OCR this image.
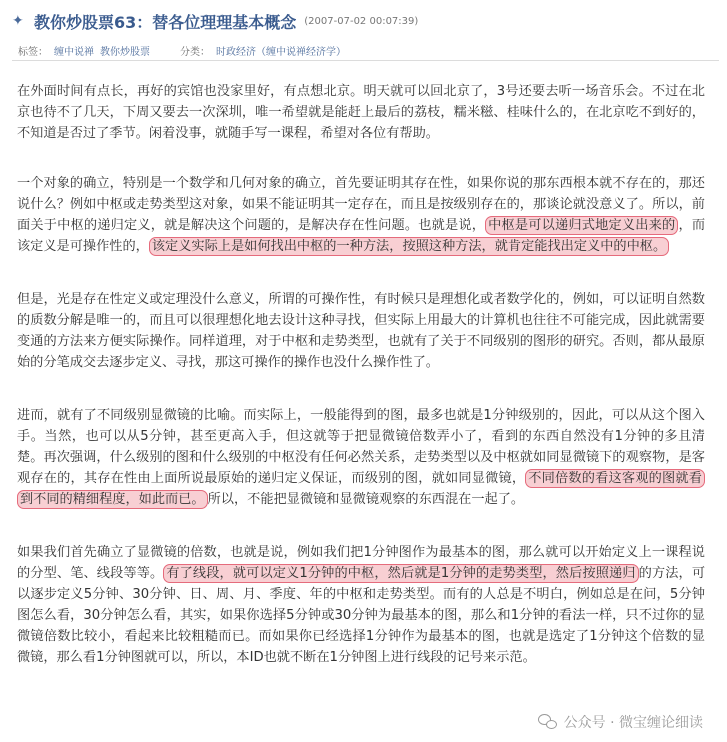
✦ 教你炒股票63：替各位理理基本概念 (2007-07-02 00:07:39)
标签： 缠中说禅 教你炒股票	分类： 时政经济（缠中说禅经济学）

在外面时间有点长，再好的宾馆也没家里好，有点想北京。明天就可以回北京了，3号还要去听一场音乐会。不过在北京也待不了几天，下周又要去一次深圳，唯一希望就是能赶上最后的荔枝，糯米糍、桂味什么的，在北京吃不到好的，不知道是否过了季节。闲着没事，就随手写一课程，希望对各位有帮助。

一个对象的确立，特别是一个数学和几何对象的确立，首先要证明其存在性，如果你说的那东西根本就不存在的，那还说什么？例如中枢或走势类型这对象，如果不能证明其一定存在，而且是按级别存在的，那谈论就没意义了。所以，前面关于中枢的递归定义，就是解决这个问题的，是解决存在性问题。也就是说， 中枢是可以递归式地定义出来的 ，而该定义是可操作性的， 该定义实际上是如何找出中枢的一种方法，按照这种方法，就肯定能找出定义中的中枢。

但是，光是存在性定义或定理没什么意义，所谓的可操作性，有时候只是理想化或者数学化的，例如，可以证明自然数的质数分解是唯一的，而且可以很理想化地去设计这种寻找，但实际上用最大的计算机也往往不可能完成，因此就需要变通的方法来方便实际操作。同样道理，对于中枢和走势类型，也就有了关于不同级别的图形的研究。否则，都从最原始的分笔成交去逐步定义、寻找，那这可操作的操作也没什么操作性了。

进而，就有了不同级别显微镜的比喻。而实际上，一般能得到的图，最多也就是1分钟级别的，因此，可以从这个图入手。当然，也可以从5分钟，甚至更高入手，但这就等于把显微镜倍数弄小了，看到的东西自然没有1分钟的多且清楚。再次强调，什么级别的图和什么级别的中枢没有任何必然关系，走势类型以及中枢就如同显微镜下的观察物，是客观存在的，其存在性由上面所说最原始的递归定义保证，而级别的图，就如同显微镜， 不同倍数的看这客观的图就看到不同的精细程度，如此而已。 所以，不能把显微镜和显微镜观察的东西混在一起了。

如果我们首先确立了显微镜的倍数，也就是说，例如我们把1分钟图作为最基本的图，那么就可以开始定义上一课程说的分型、笔、线段等等。 有了线段，就可以定义1分钟的中枢，然后就是1分钟的走势类型，然后按照递归 的方法，可以逐步定义5分钟、30分钟、日、周、月、季度、年的中枢和走势类型。而有的人总是不明白，例如总是在问，5分钟图怎么看，30分钟怎么看，其实，如果你选择5分钟或30分钟为最基本的图，那么和1分钟的看法一样，只不过你的显微镜倍数比较小，看起来比较粗糙而已。而如果你已经选择1分钟作为最基本的图，也就是选定了1分钟这个倍数的显微镜，那么看1分钟图就可以，所以，本ID也就不断在1分钟图上进行线段的记号来示范。

公众号 · 微宝缠论细读
